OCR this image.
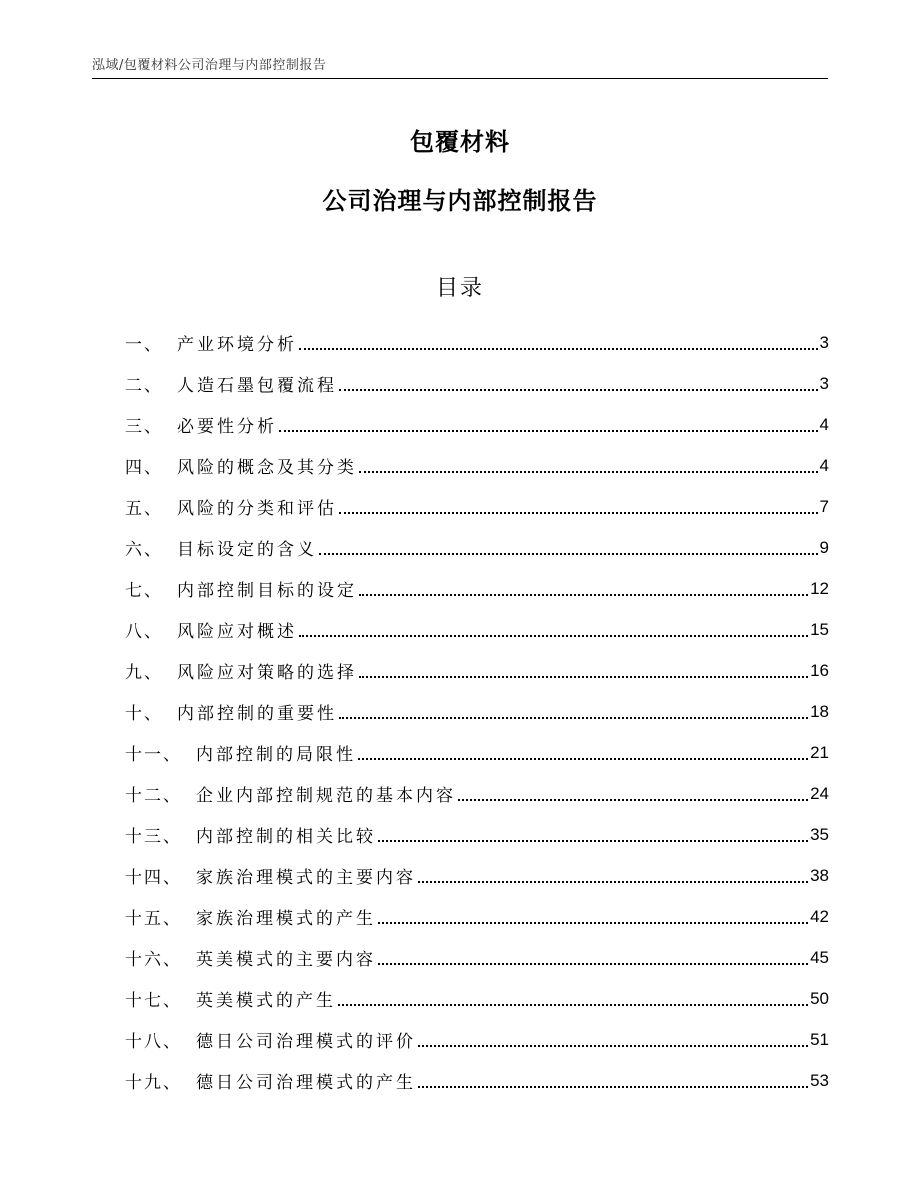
泓域/包覆材料公司治理与内部控制报告
包覆材料
公司治理与内部控制报告
目录
一、 产业环境分析	3
二、 人造石墨包覆流程	3
三、 必要性分析	4
四、 风险的概念及其分类	4
五、 风险的分类和评估	7
六、 目标设定的含义	9
七、 内部控制目标的设定	12
八、 风险应对概述	15
九、 风险应对策略的选择	16
十、 内部控制的重要性	18
十一、 内部控制的局限性	21
十二、 企业内部控制规范的基本内容	24
十三、 内部控制的相关比较	35
十四、 家族治理模式的主要内容	38
十五、 家族治理模式的产生	42
十六、 英美模式的主要内容	45
十七、 英美模式的产生	50
十八、 德日公司治理模式的评价	51
十九、 德日公司治理模式的产生	53
